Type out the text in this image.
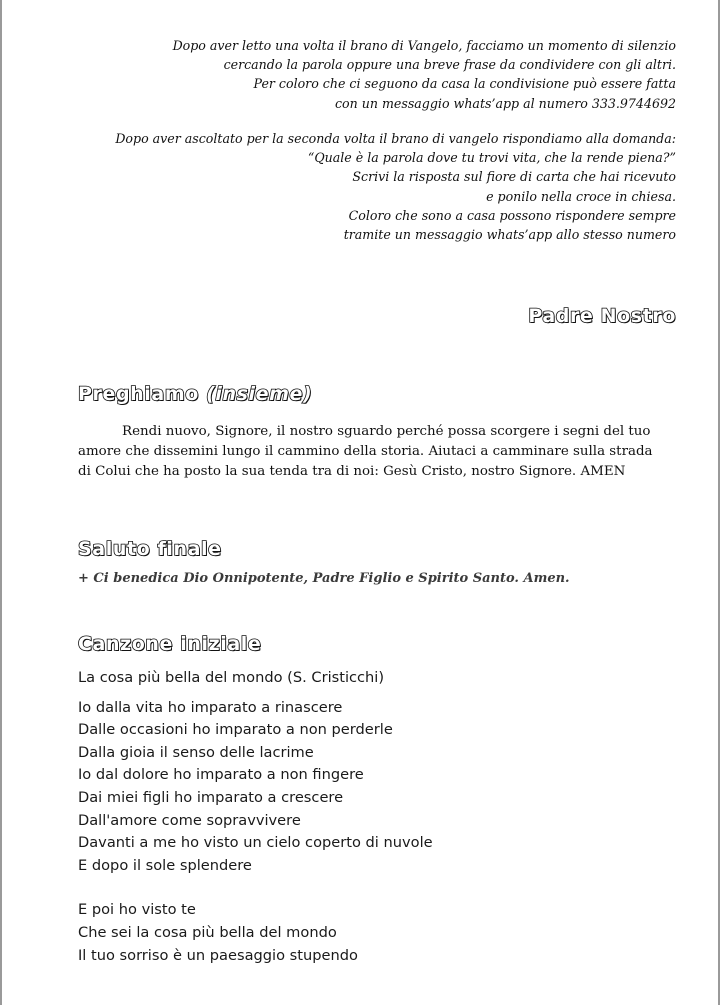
Dopo aver letto una volta il brano di Vangelo, facciamo un momento di silenzio
cercando la parola oppure una breve frase da condividere con gli altri.
Per coloro che ci seguono da casa la condivisione può essere fatta
con un messaggio whats’app al numero 333.9744692
Dopo aver ascoltato per la seconda volta il brano di vangelo rispondiamo alla domanda:
“Quale è la parola dove tu trovi vita, che la rende piena?”
Scrivi la risposta sul fiore di carta che hai ricevuto
e ponilo nella croce in chiesa.
Coloro che sono a casa possono rispondere sempre
tramite un messaggio whats’app allo stesso numero
Padre Nostro
Preghiamo (insieme)
Rendi nuovo, Signore, il nostro sguardo perché possa scorgere i segni del tuo
amore che dissemini lungo il cammino della storia. Aiutaci a camminare sulla strada
di Colui che ha posto la sua tenda tra di noi: Gesù Cristo, nostro Signore. AMEN
Saluto finale
+ Ci benedica Dio Onnipotente, Padre Figlio e Spirito Santo. Amen.
Canzone iniziale
La cosa più bella del mondo (S. Cristicchi)
Io dalla vita ho imparato a rinascere
Dalle occasioni ho imparato a non perderle
Dalla gioia il senso delle lacrime
Io dal dolore ho imparato a non fingere
Dai miei figli ho imparato a crescere
Dall'amore come sopravvivere
Davanti a me ho visto un cielo coperto di nuvole
E dopo il sole splendere
E poi ho visto te
Che sei la cosa più bella del mondo
Il tuo sorriso è un paesaggio stupendo
